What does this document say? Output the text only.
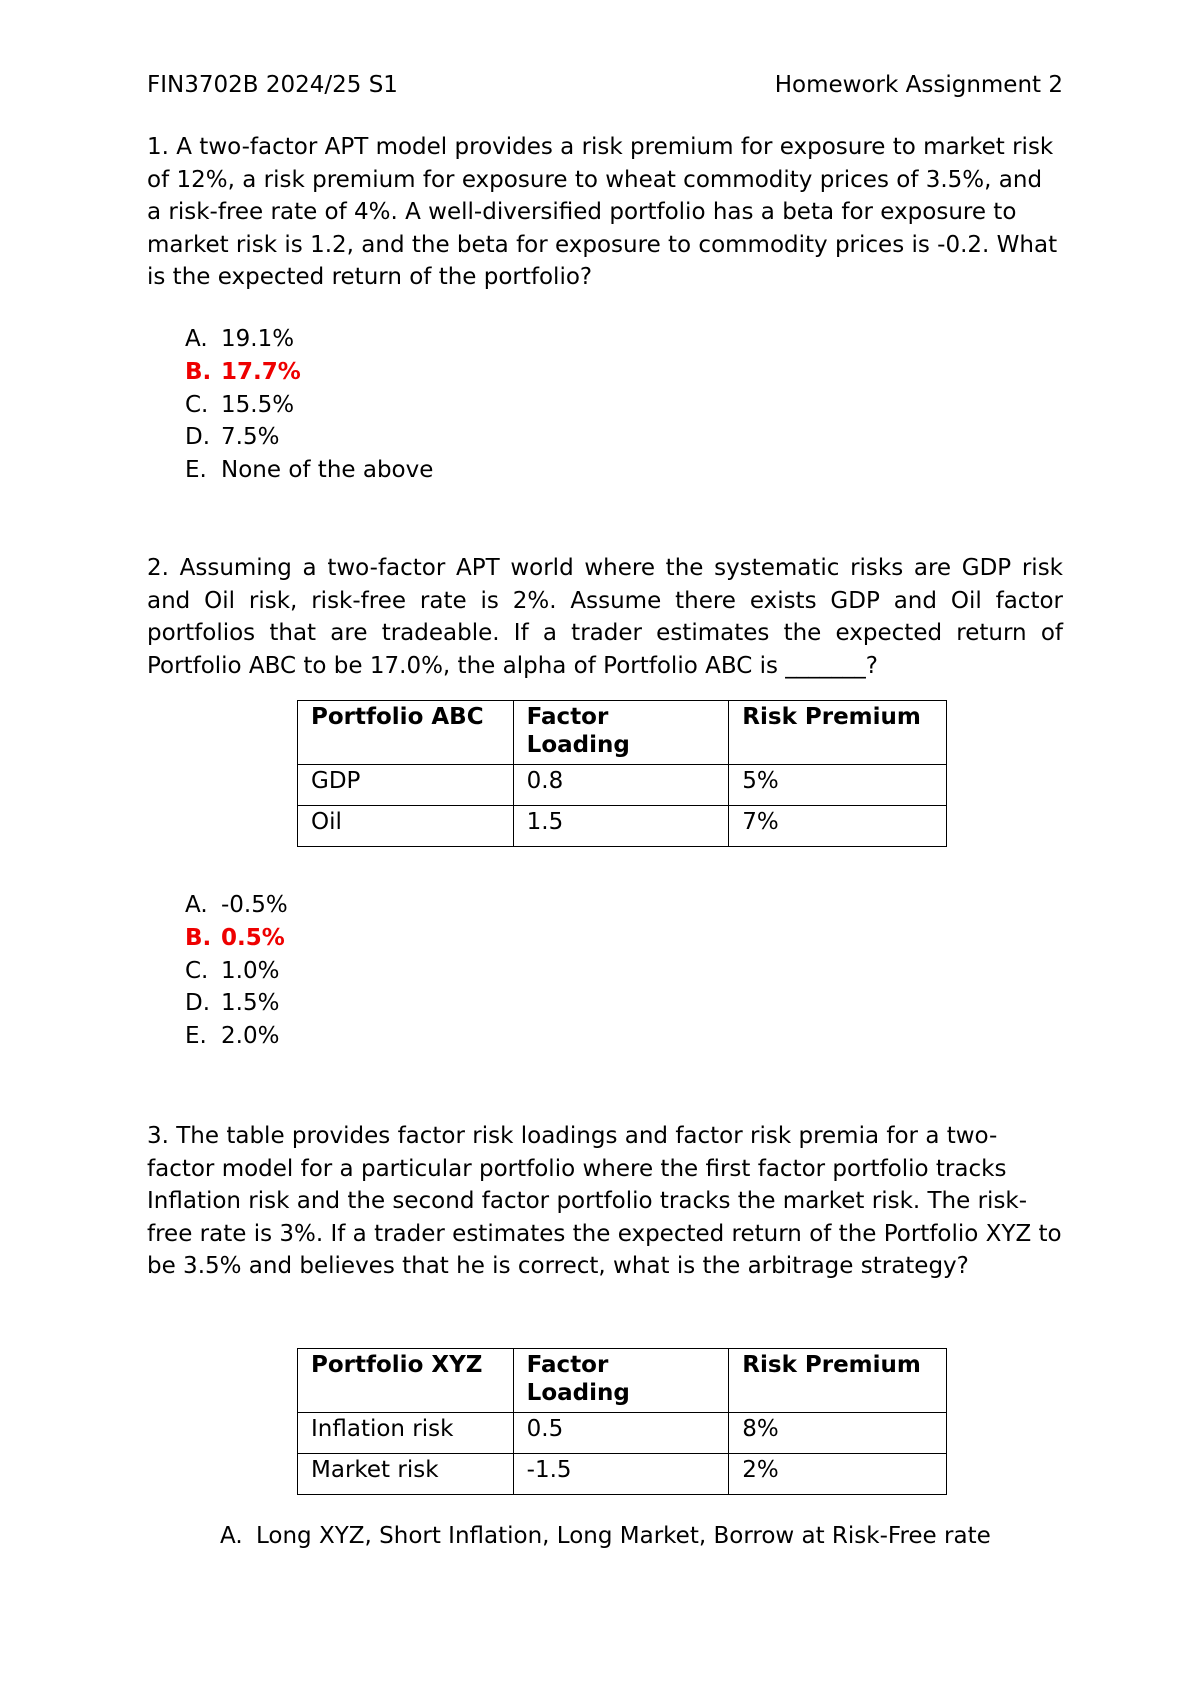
FIN3702B 2024/25 S1	Homework Assignment 2
1. A two-factor APT model provides a risk premium for exposure to market risk of 12%, a risk premium for exposure to wheat commodity prices of 3.5%, and a risk-free rate of 4%. A well-diversified portfolio has a beta for exposure to market risk is 1.2, and the beta for exposure to commodity prices is -0.2. What is the expected return of the portfolio?
A. 19.1%
B. 17.7%
C. 15.5%
D. 7.5%
E. None of the above
2. Assuming a two-factor APT world where the systematic risks are GDP risk and Oil risk, risk-free rate is 2%. Assume there exists GDP and Oil factor portfolios that are tradeable. If a trader estimates the expected return of Portfolio ABC to be 17.0%, the alpha of Portfolio ABC is _______?
Portfolio ABC	Factor Loading	Risk Premium
GDP	0.8	5%
Oil	1.5	7%
A. -0.5%
B. 0.5%
C. 1.0%
D. 1.5%
E. 2.0%
3. The table provides factor risk loadings and factor risk premia for a two-factor model for a particular portfolio where the first factor portfolio tracks Inflation risk and the second factor portfolio tracks the market risk. The risk-free rate is 3%. If a trader estimates the expected return of the Portfolio XYZ to be 3.5% and believes that he is correct, what is the arbitrage strategy?
Portfolio XYZ	Factor Loading	Risk Premium
Inflation risk	0.5	8%
Market risk	-1.5	2%
A. Long XYZ, Short Inflation, Long Market, Borrow at Risk-Free rate
